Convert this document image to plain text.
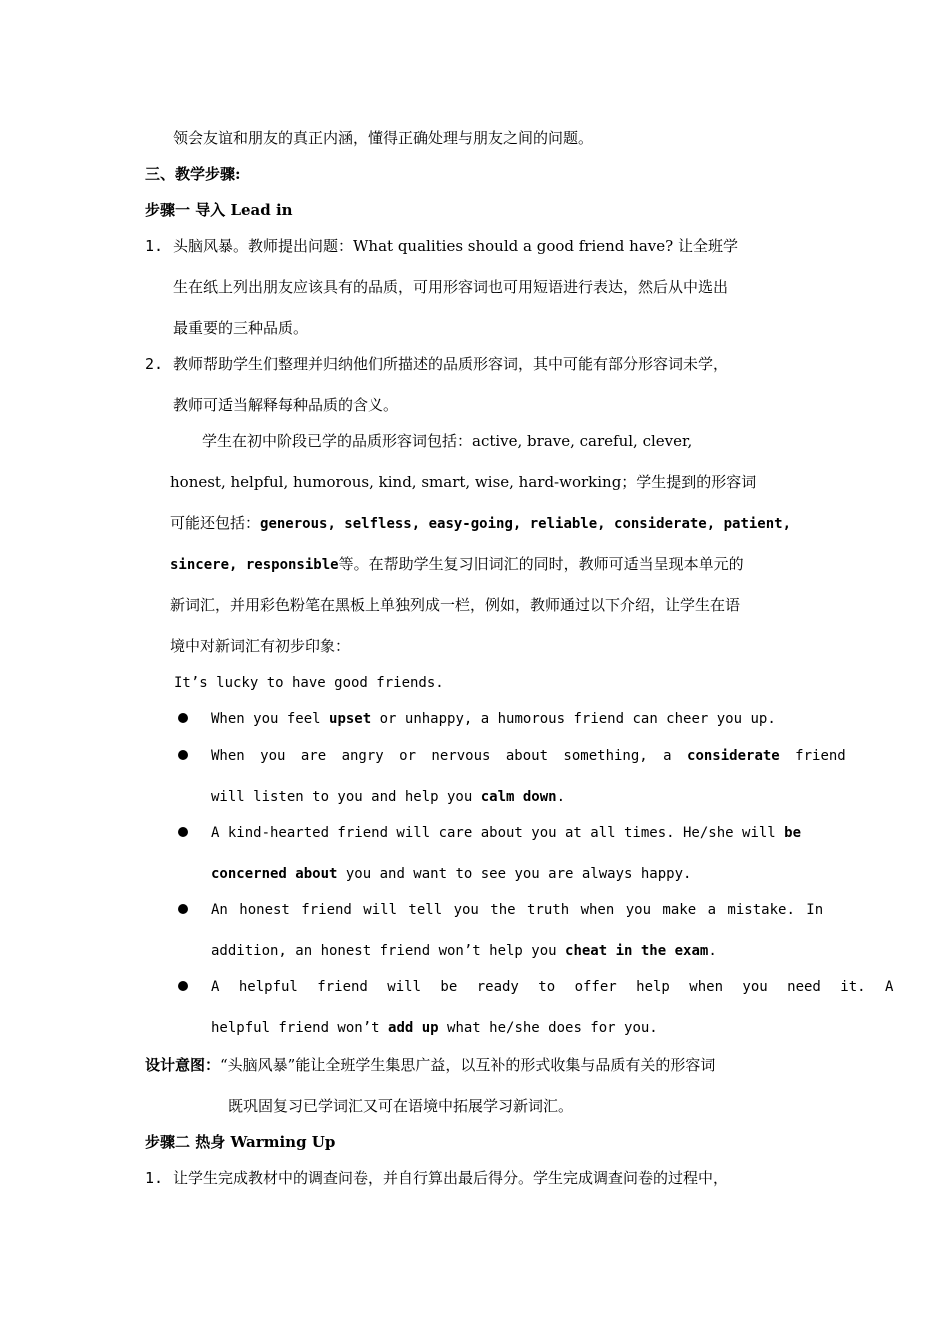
领会友谊和朋友的真正内涵，懂得正确处理与朋友之间的问题。
三、教学步骤:
步骤一 导入 Lead in
1. 头脑风暴。教师提出问题：What qualities should a good friend have? 让全班学
生在纸上列出朋友应该具有的品质，可用形容词也可用短语进行表达，然后从中选出
最重要的三种品质。
2. 教师帮助学生们整理并归纳他们所描述的品质形容词，其中可能有部分形容词未学，
教师可适当解释每种品质的含义。
学生在初中阶段已学的品质形容词包括：active, brave, careful, clever,
honest, helpful, humorous, kind, smart, wise, hard-working；学生提到的形容词
可能还包括：generous, selfless, easy-going, reliable, considerate, patient,
sincere, responsible等。在帮助学生复习旧词汇的同时，教师可适当呈现本单元的
新词汇，并用彩色粉笔在黑板上单独列成一栏，例如，教师通过以下介绍，让学生在语
境中对新词汇有初步印象：
It’s lucky to have good friends.
When you feel upset or unhappy, a humorous friend can cheer you up.
When you are angry or nervous about something, a considerate friend
will listen to you and help you calm down.
A kind-hearted friend will care about you at all times. He/she will be
concerned about you and want to see you are always happy.
An honest friend will tell you the truth when you make a mistake. In
addition, an honest friend won’t help you cheat in the exam.
A helpful friend will be ready to offer help when you need it. A
helpful friend won’t add up what he/she does for you.
设计意图：“头脑风暴”能让全班学生集思广益，以互补的形式收集与品质有关的形容词
既巩固复习已学词汇又可在语境中拓展学习新词汇。
步骤二 热身 Warming Up
1. 让学生完成教材中的调查问卷，并自行算出最后得分。学生完成调查问卷的过程中，
